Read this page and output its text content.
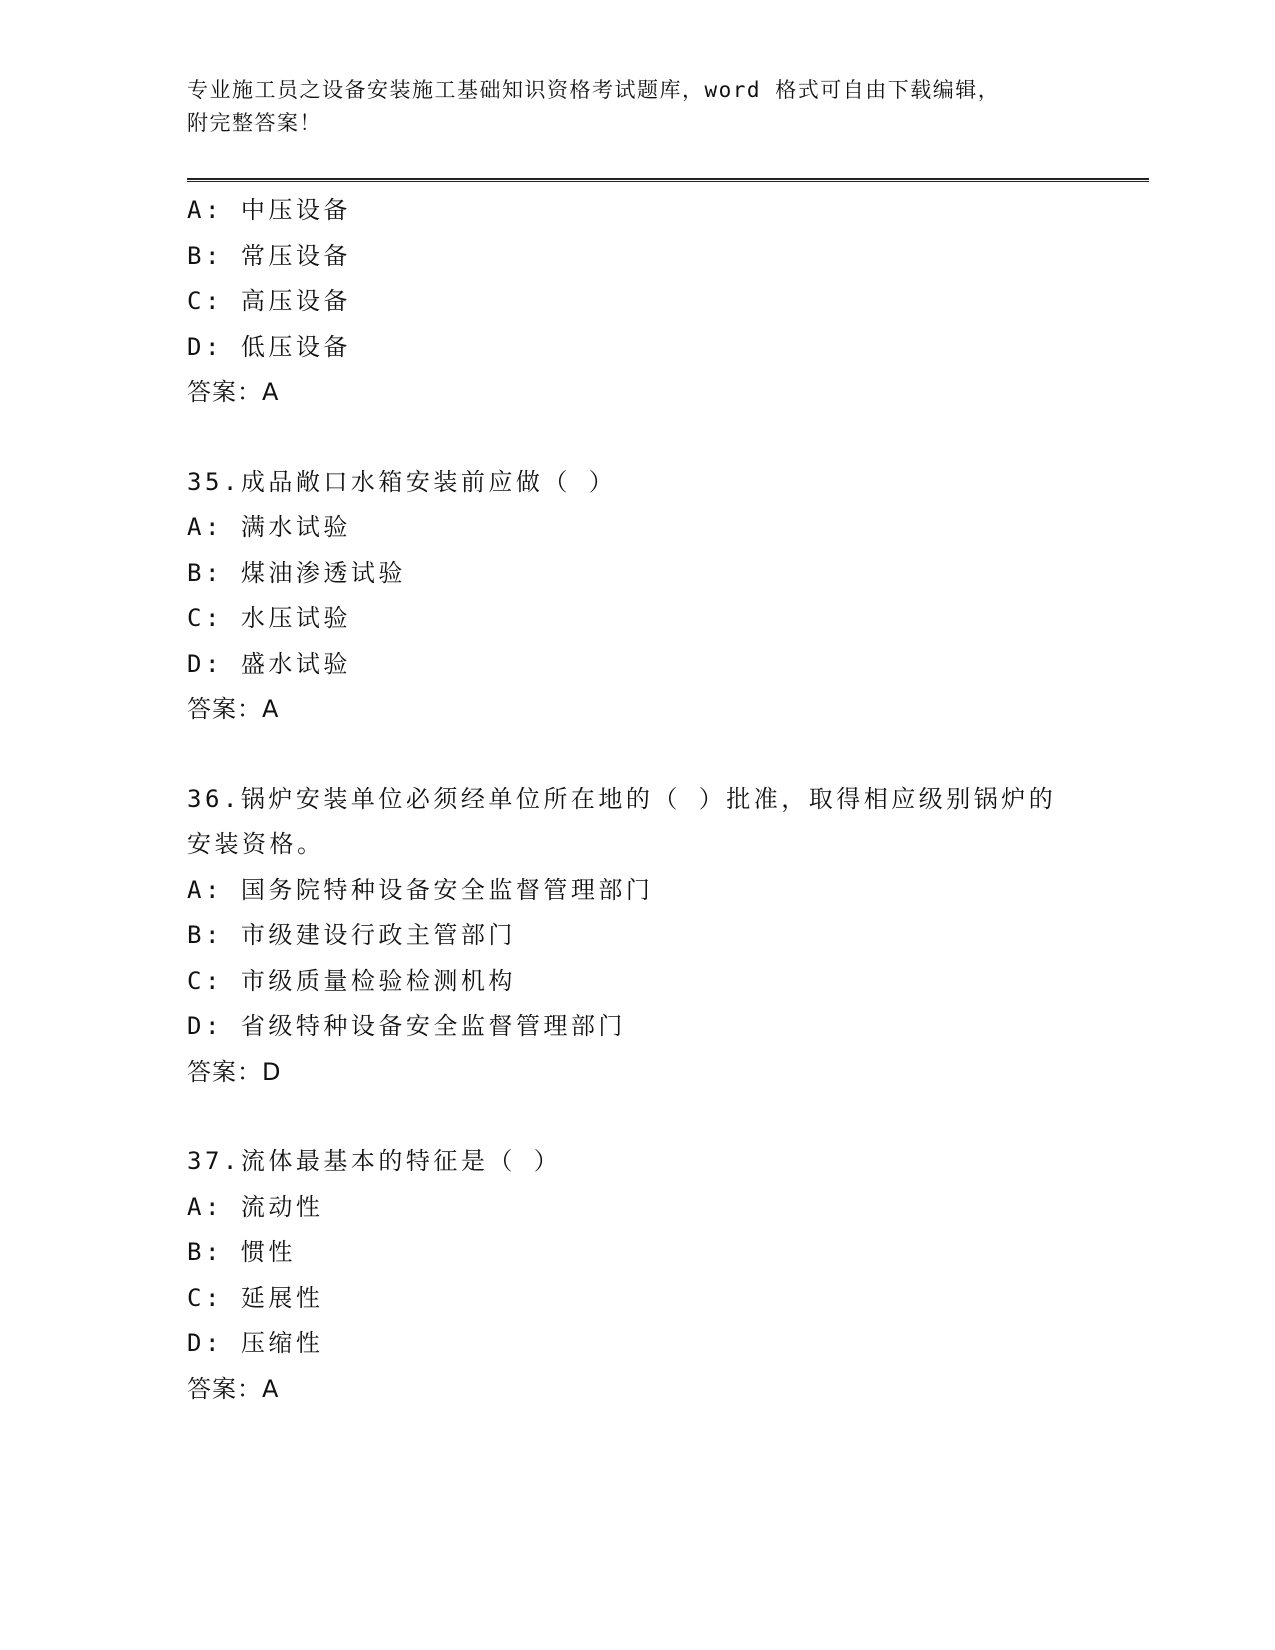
专业施工员之设备安装施工基础知识资格考试题库，word 格式可自由下载编辑，
附完整答案！
A: 中压设备
B: 常压设备
C: 高压设备
D: 低压设备
答案：A
35.成品敞口水箱安装前应做（ ）
A: 满水试验
B: 煤油渗透试验
C: 水压试验
D: 盛水试验
答案：A
36.锅炉安装单位必须经单位所在地的（ ）批准，取得相应级别锅炉的安装资格。
A: 国务院特种设备安全监督管理部门
B: 市级建设行政主管部门
C: 市级质量检验检测机构
D: 省级特种设备安全监督管理部门
答案：D
37.流体最基本的特征是（ ）
A: 流动性
B: 惯性
C: 延展性
D: 压缩性
答案：A
